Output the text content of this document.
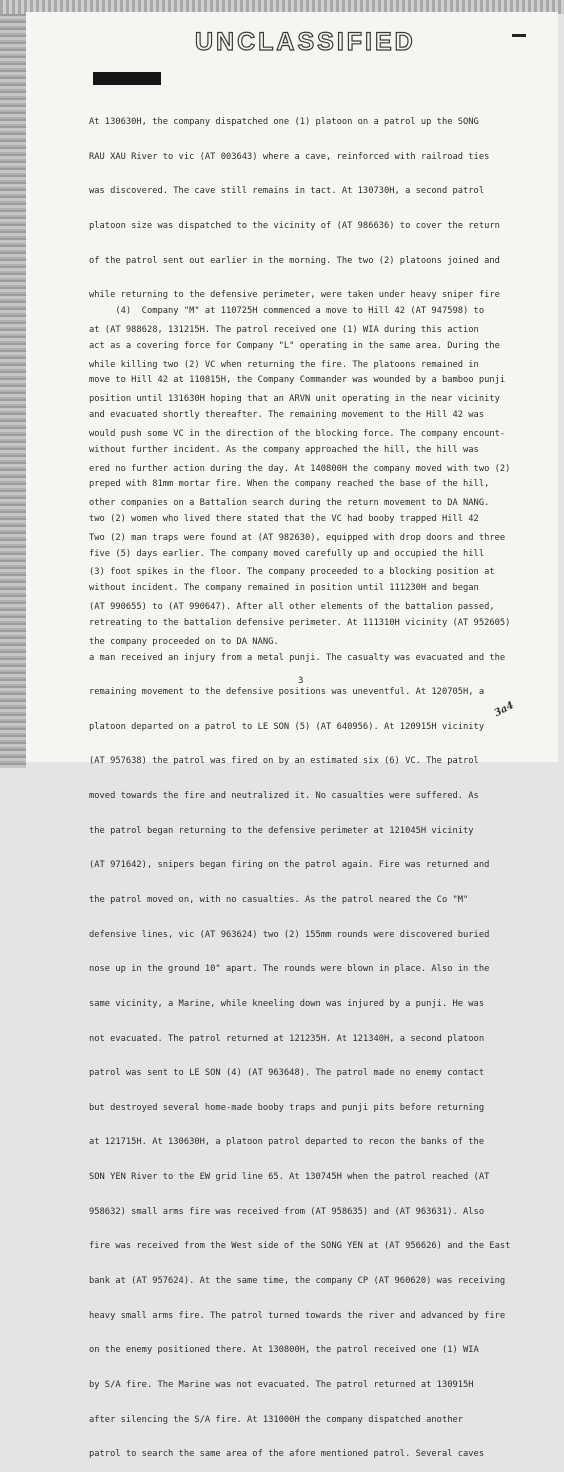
UNCLASSIFIED

At 130630H, the company dispatched one (1) platoon on a patrol up the SONG

RAU XAU River to vic (AT 003643) where a cave, reinforced with railroad ties

was discovered. The cave still remains in tact. At 130730H, a second patrol

platoon size was dispatched to the vicinity of (AT 986636) to cover the return

of the patrol sent out earlier in the morning. The two (2) platoons joined and

while returning to the defensive perimeter, were taken under heavy sniper fire

at (AT 988628, 131215H. The patrol received one (1) WIA during this action

while killing two (2) VC when returning the fire. The platoons remained in

position until 131630H hoping that an ARVN unit operating in the near vicinity

would push some VC in the direction of the blocking force. The company encount-

ered no further action during the day. At 140800H the company moved with two (2)

other companies on a Battalion search during the return movement to DA NANG.

Two (2) man traps were found at (AT 982630), equipped with drop doors and three

(3) foot spikes in the floor. The company proceeded to a blocking position at

(AT 990655) to (AT 990647). After all other elements of the battalion passed,

the company proceeded on to DA NANG.

(4)  Company "M" at 110725H commenced a move to Hill 42 (AT 947598) to

act as a covering force for Company "L" operating in the same area. During the

move to Hill 42 at 110815H, the Company Commander was wounded by a bamboo punji

and evacuated shortly thereafter. The remaining movement to the Hill 42 was

without further incident. As the company approached the hill, the hill was

preped with 81mm mortar fire. When the company reached the base of the hill,

two (2) women who lived there stated that the VC had booby trapped Hill 42

five (5) days earlier. The company moved carefully up and occupied the hill

without incident. The company remained in position until 111230H and began

retreating to the battalion defensive perimeter. At 111310H vicinity (AT 952605)

a man received an injury from a metal punji. The casualty was evacuated and the

remaining movement to the defensive positions was uneventful. At 120705H, a

platoon departed on a patrol to LE SON (5) (AT 640956). At 120915H vicinity

(AT 957638) the patrol was fired on by an estimated six (6) VC. The patrol

moved towards the fire and neutralized it. No casualties were suffered. As

the patrol began returning to the defensive perimeter at 121045H vicinity

(AT 971642), snipers began firing on the patrol again. Fire was returned and

the patrol moved on, with no casualties. As the patrol neared the Co "M"

defensive lines, vic (AT 963624) two (2) 155mm rounds were discovered buried

nose up in the ground 10" apart. The rounds were blown in place. Also in the

same vicinity, a Marine, while kneeling down was injured by a punji. He was

not evacuated. The patrol returned at 121235H. At 121340H, a second platoon

patrol was sent to LE SON (4) (AT 963648). The patrol made no enemy contact

but destroyed several home-made booby traps and punji pits before returning

at 121715H. At 130630H, a platoon patrol departed to recon the banks of the

SON YEN River to the EW grid line 65. At 130745H when the patrol reached (AT

958632) small arms fire was received from (AT 958635) and (AT 963631). Also

fire was received from the West side of the SONG YEN at (AT 956626) and the East

bank at (AT 957624). At the same time, the company CP (AT 960620) was receiving

heavy small arms fire. The patrol turned towards the river and advanced by fire

on the enemy positioned there. At 130800H, the patrol received one (1) WIA

by S/A fire. The Marine was not evacuated. The patrol returned at 130915H

after silencing the S/A fire. At 131000H the company dispatched another

patrol to search the same area of the afore mentioned patrol. Several caves

3
3a4
